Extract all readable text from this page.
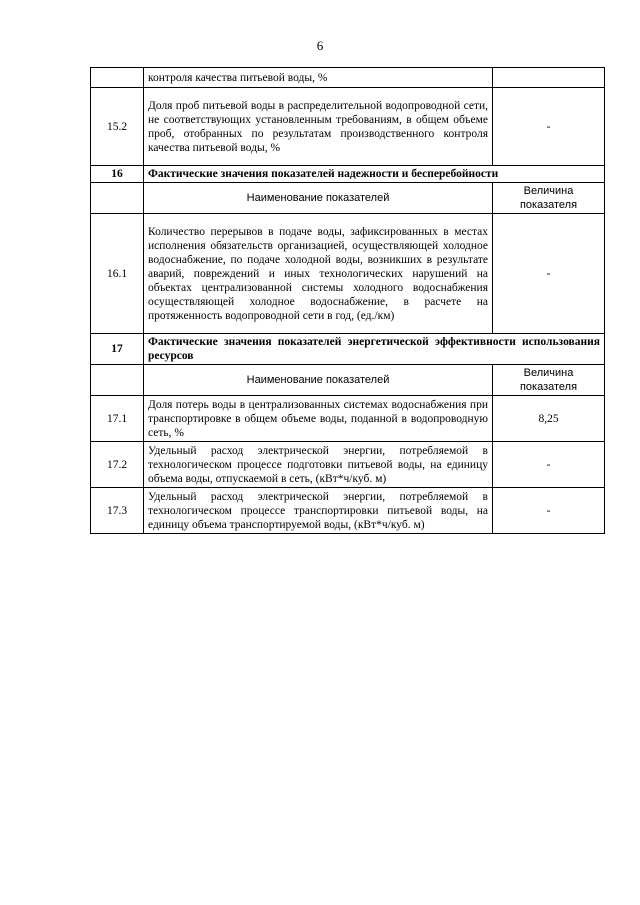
6
	контроля качества питьевой воды, %	
15.2	Доля проб питьевой воды в распределительной водопроводной сети, не соответствующих установленным требованиям, в общем объеме проб, отобранных по результатам производственного контроля качества питьевой воды, %	-
16	Фактические значения показателей надежности и бесперебойности	
	Наименование показателей	Величина показателя
16.1	Количество перерывов в подаче воды, зафиксированных в местах исполнения обязательств организацией, осуществляющей холодное водоснабжение, по подаче холодной воды, возникших в результате аварий, повреждений и иных технологических нарушений на объектах централизованной системы холодного водоснабжения осуществляющей холодное водоснабжение, в расчете на протяженность водопроводной сети в год, (ед./км)	-
17	Фактические значения показателей энергетической эффективности использования ресурсов	
	Наименование показателей	Величина показателя
17.1	Доля потерь воды в централизованных системах водоснабжения при транспортировке в общем объеме воды, поданной в водопроводную сеть, %	8,25
17.2	Удельный расход электрической энергии, потребляемой в технологическом процессе подготовки питьевой воды, на единицу объема воды, отпускаемой в сеть, (кВт*ч/куб. м)	-
17.3	Удельный расход электрической энергии, потребляемой в технологическом процессе транспортировки питьевой воды, на единицу объема транспортируемой воды, (кВт*ч/куб. м)	-
